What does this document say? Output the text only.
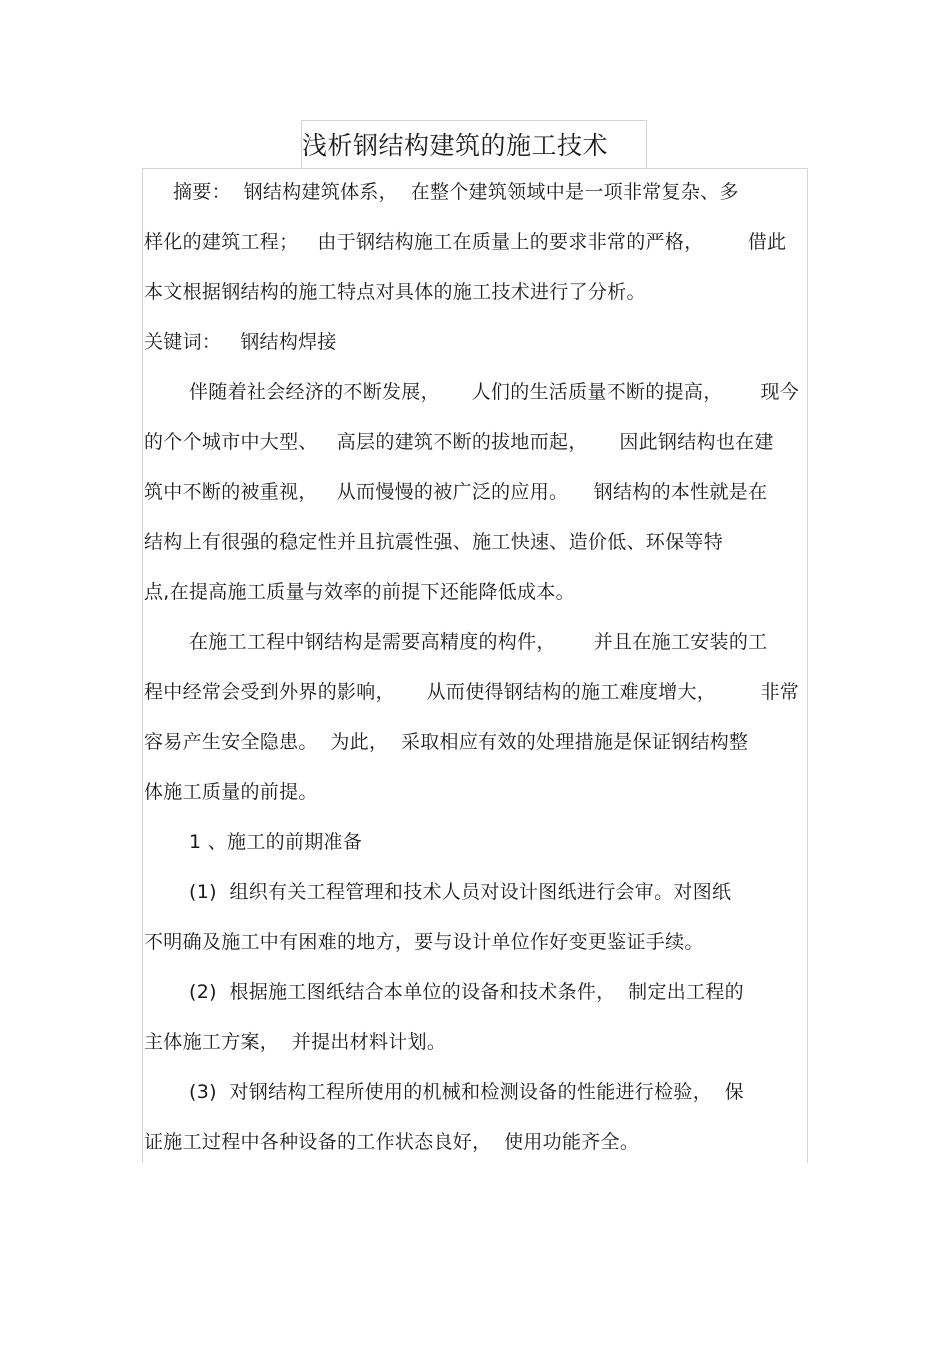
浅析钢结构建筑的施工技术
摘要：  钢结构建筑体系，  在整个建筑领域中是一项非常复杂、多
样化的建筑工程；   由于钢结构施工在质量上的要求非常的严格，       借此
本文根据钢结构的施工特点对具体的施工技术进行了分析。
关键词：   钢结构焊接
伴随着社会经济的不断发展，     人们的生活质量不断的提高，      现今
的个个城市中大型、   高层的建筑不断的拔地而起，     因此钢结构也在建
筑中不断的被重视，   从而慢慢的被广泛的应用。    钢结构的本性就是在
结构上有很强的稳定性并且抗震性强、施工快速、造价低、环保等特
点,在提高施工质量与效率的前提下还能降低成本。
在施工工程中钢结构是需要高精度的构件，      并且在施工安装的工
程中经常会受到外界的影响，     从而使得钢结构的施工难度增大，       非常
容易产生安全隐患。  为此，  采取相应有效的处理措施是保证钢结构整
体施工质量的前提。
1 、施工的前期准备
(1)  组织有关工程管理和技术人员对设计图纸进行会审。对图纸
不明确及施工中有困难的地方，要与设计单位作好变更鉴证手续。
(2)  根据施工图纸结合本单位的设备和技术条件，  制定出工程的
主体施工方案，  并提出材料计划。
(3)  对钢结构工程所使用的机械和检测设备的性能进行检验，  保
证施工过程中各种设备的工作状态良好，  使用功能齐全。
